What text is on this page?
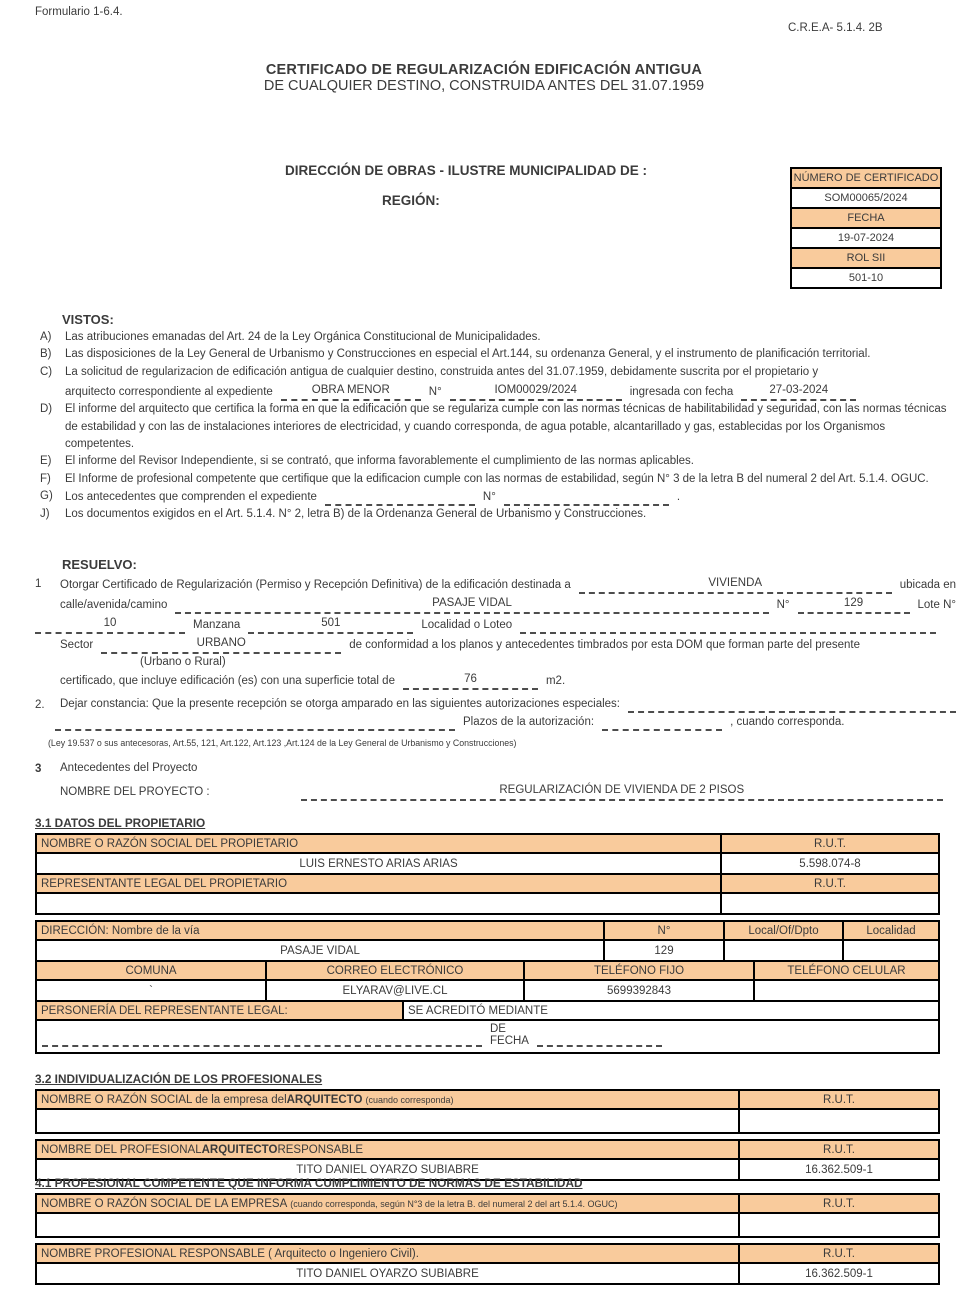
Formulario 1-6.4.
C.R.E.A- 5.1.4. 2B
CERTIFICADO DE REGULARIZACIÓN EDIFICACIÓN ANTIGUA
DE CUALQUIER DESTINO, CONSTRUIDA ANTES DEL 31.07.1959
DIRECCIÓN DE OBRAS - ILUSTRE MUNICIPALIDAD DE :
REGIÓN:
NÚMERO DE CERTIFICADO
SOM00065/2024
FECHA
19-07-2024
ROL SII
501-10
VISTOS:
A)	Las atribuciones emanadas del Art. 24 de la Ley Orgánica Constitucional de Municipalidades.
B)	Las disposiciones de la Ley General de Urbanismo y Construcciones en especial el Art.144, su ordenanza General, y el instrumento de planificación territorial.
C)	La solicitud de regularizacion de edificación antigua de cualquier destino, construida antes del 31.07.1959, debidamente suscrita por el propietario y
arquitecto correspondiente al expediente	OBRA MENOR	N°	IOM00029/2024	ingresada con fecha	27-03-2024
D)	El informe del arquitecto que certifica la forma en que la edificación que se regulariza cumple con las normas técnicas de habilitabilidad y seguridad, con las normas técnicas de estabilidad y con las de instalaciones interiores de electricidad, y cuando corresponda, de agua potable, alcantarillado y gas, establecidas por los Organismos competentes.
E)	El informe del Revisor Independiente, si se contrató, que informa favorablemente el cumplimiento de las normas aplicables.
F)	El Informe de profesional competente que certifique que la edificacion cumple con las normas de estabilidad, según N° 3 de la letra B del numeral 2 del Art. 5.1.4. OGUC.
G)	Los antecedentes que comprenden el expediente	N°	.
J)	Los documentos exigidos en el Art. 5.1.4. N° 2, letra B) de la Ordenanza General de Urbanismo y Construcciones.
RESUELVO:
1 Otorgar Certificado de Regularización (Permiso y Recepción Definitiva) de la edificación destinada a	VIVIENDA	ubicada en
calle/avenida/camino	PASAJE VIDAL	N°	129	Lote N°
10	Manzana	501	Localidad o Loteo
Sector	URBANO	de conformidad a los planos y antecedentes timbrados por esta DOM que forman parte del presente
(Urbano o Rural)
certificado, que incluye edificación (es) con una superficie total de	76	m2.
2. Dejar constancia: Que la presente recepción se otorga amparado en las siguientes autorizaciones especiales:
Plazos de la autorización:	, cuando corresponda.
(Ley 19.537 o sus antecesoras, Art.55, 121, Art.122, Art.123 ,Art.124 de la Ley General de Urbanismo y Construcciones)
3 Antecedentes del Proyecto
NOMBRE DEL PROYECTO :	REGULARIZACIÓN DE VIVIENDA DE 2 PISOS
3.1 DATOS DEL PROPIETARIO
NOMBRE O RAZÓN SOCIAL DEL PROPIETARIO	R.U.T.
LUIS ERNESTO ARIAS ARIAS	5.598.074-8
REPRESENTANTE LEGAL DEL PROPIETARIO	R.U.T.
DIRECCIÓN: Nombre de la vía	N°	Local/Of/Dpto	Localidad
PASAJE VIDAL	129
COMUNA	CORREO ELECTRÓNICO	TELÉFONO FIJO	TELÉFONO CELULAR
`	ELYARAV@LIVE.CL	5699392843
PERSONERÍA DEL REPRESENTANTE LEGAL:	SE ACREDITÓ MEDIANTE
DE FECHA
3.2 INDIVIDUALIZACIÓN DE LOS PROFESIONALES
NOMBRE O RAZÓN SOCIAL de la empresa del ARQUITECTO (cuando corresponda)	R.U.T.
NOMBRE DEL PROFESIONAL ARQUITECTO RESPONSABLE	R.U.T.
TITO DANIEL OYARZO SUBIABRE	16.362.509-1
4.1 PROFESIONAL COMPETENTE QUE INFORMA CUMPLIMIENTO DE NORMAS DE ESTABILIDAD
NOMBRE O RAZÓN SOCIAL DE LA EMPRESA (cuando corresponda, según N°3 de la letra B. del numeral 2 del art 5.1.4. OGUC)	R.U.T.
NOMBRE PROFESIONAL RESPONSABLE ( Arquitecto o Ingeniero Civil).	R.U.T.
TITO DANIEL OYARZO SUBIABRE	16.362.509-1
